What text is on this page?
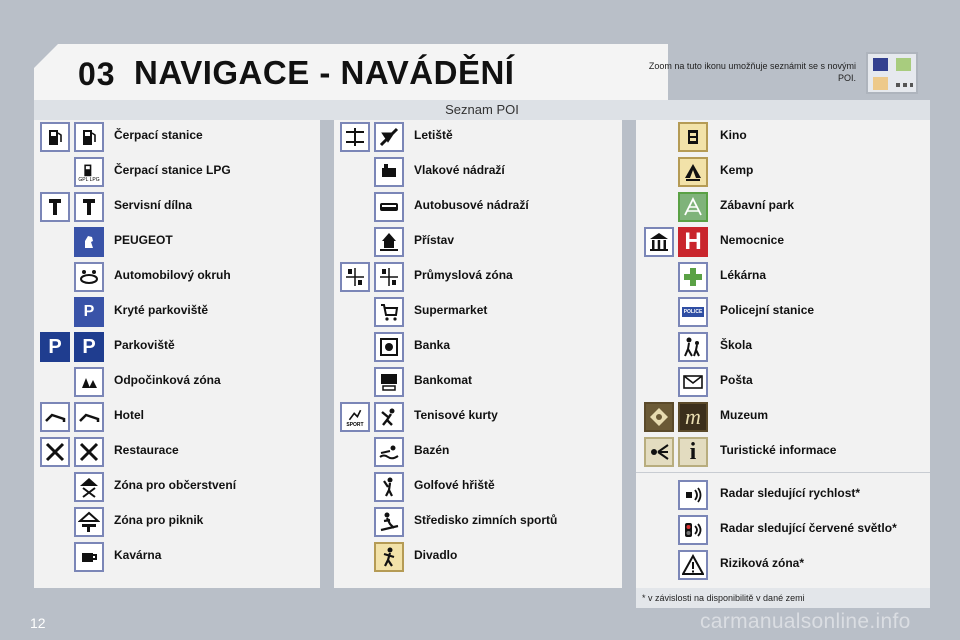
03 NAVIGACE - NAVÁDĚNÍ	Zoom na tuto ikonu umožňuje seznámit se s novými POI.
Seznam POI
Čerpací stanice
GPL LPG
Čerpací stanice LPG
Servisní dílna
PEUGEOT
Automobilový okruh
P Kryté parkoviště
P P Parkoviště
Odpočinková zóna
Hotel
Restaurace
Zóna pro občerstvení
Zóna pro piknik
Kavárna
Letiště
Vlakové nádraží
Autobusové nádraží
Přístav
Průmyslová zóna
Supermarket
Banka
Bankomat
SPORT
Tenisové kurty
Bazén
Golfové hřiště
Středisko zimních sportů
Divadlo
Kino
Kemp
Zábavní park
H Nemocnice
Lékárna
POLICE Policejní stanice
Škola
Pošta
m Muzeum
i Turistické informace
Radar sledující rychlost*
Radar sledující červené světlo*
Riziková zóna*
* v závislosti na disponibilitě v dané zemi
12	carmanualsonline.info
